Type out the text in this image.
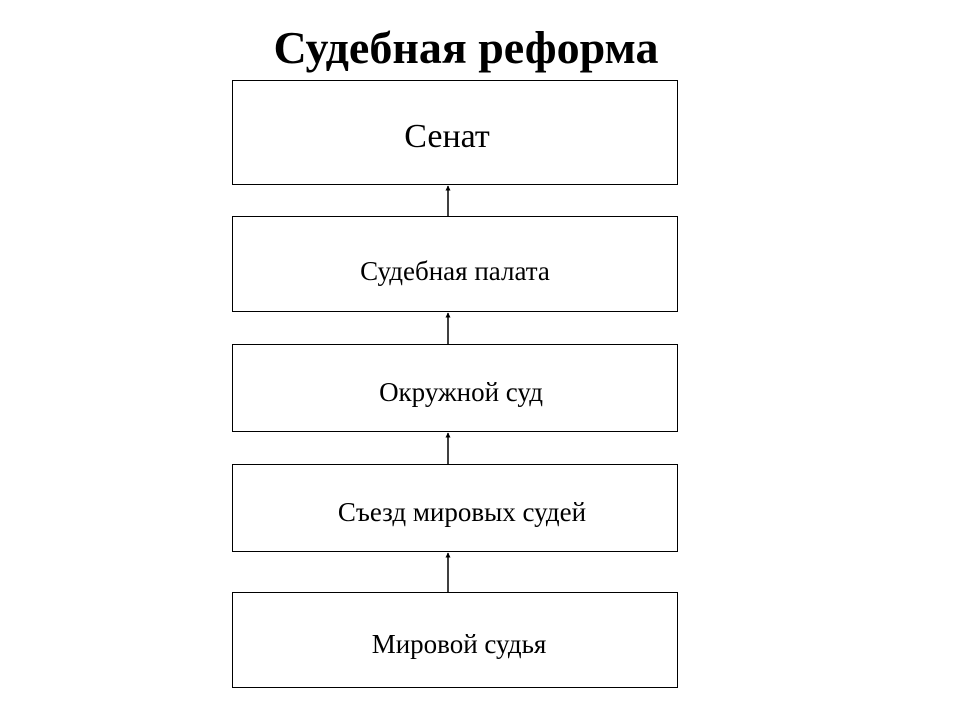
Судебная реформа
Сенат
Судебная палата
Окружной суд
Съезд мировых судей
Мировой судья
